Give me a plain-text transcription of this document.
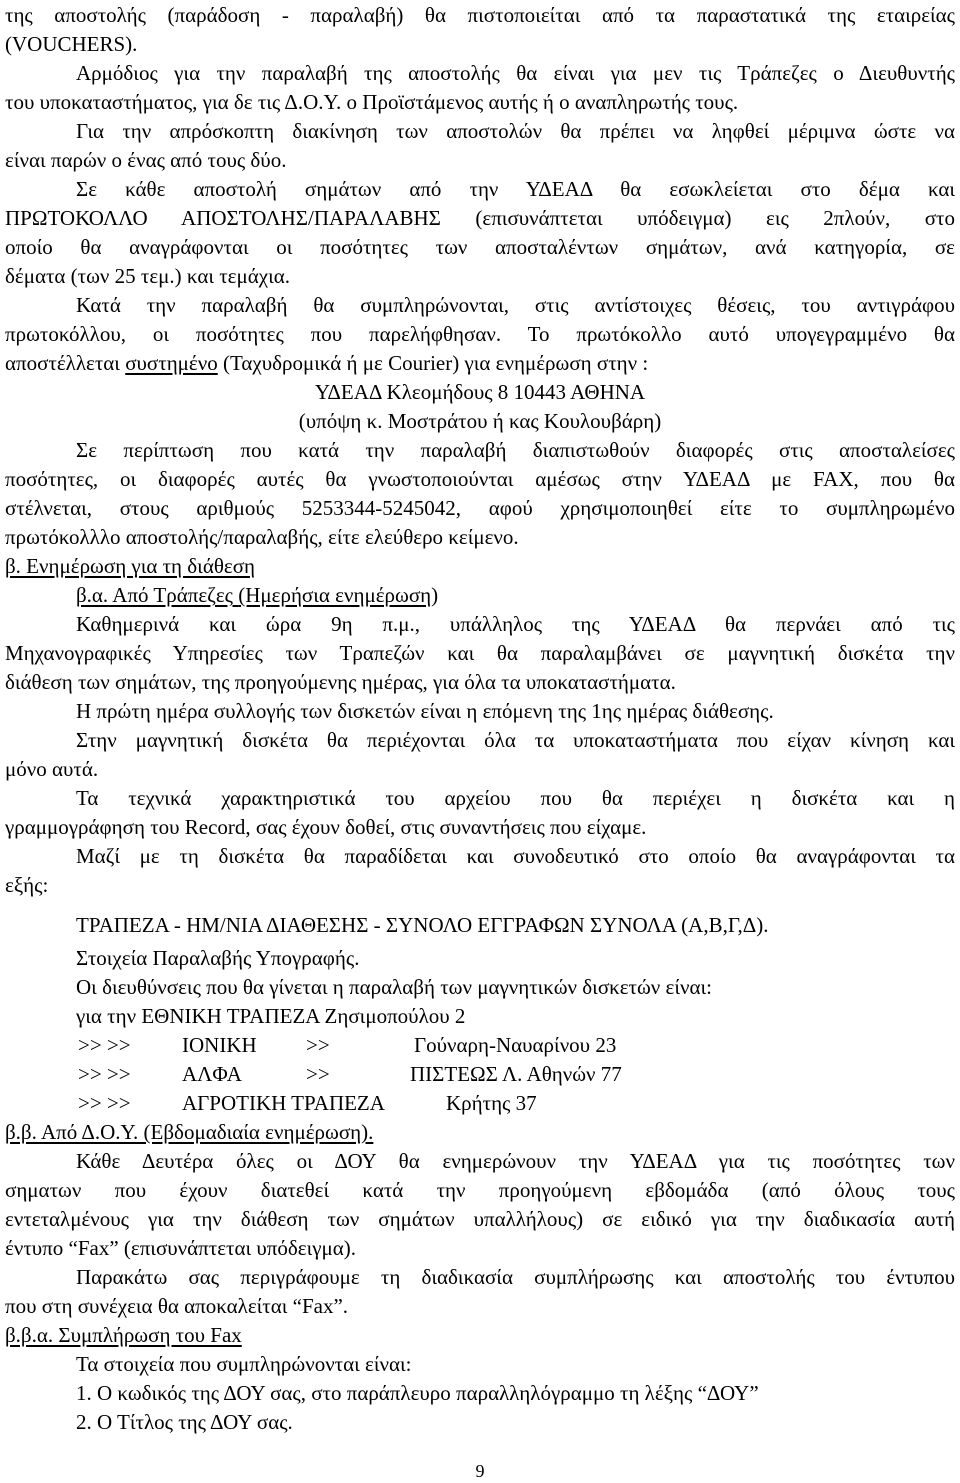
της αποστολής (παράδοση - παραλαβή) θα πιστοποιείται από τα παραστατικά της εταιρείας
(VOUCHERS).
Αρμόδιος για την παραλαβή της αποστολής θα είναι για μεν τις Τράπεζες ο Διευθυντής
του υποκαταστήματος, για δε τις Δ.Ο.Υ. ο Προϊστάμενος αυτής ή ο αναπληρωτής τους.
Για την απρόσκοπτη διακίνηση των αποστολών θα πρέπει να ληφθεί μέριμνα ώστε να
είναι παρών ο ένας από τους δύο.
Σε κάθε αποστολή σημάτων από την ΥΔΕΑΔ θα εσωκλείεται στο δέμα και
ΠΡΩΤΟΚΟΛΛΟ ΑΠΟΣΤΟΛΗΣ/ΠΑΡΑΛΑΒΗΣ (επισυνάπτεται υπόδειγμα) εις 2πλούν, στο
οποίο θα αναγράφονται οι ποσότητες των αποσταλέντων σημάτων, ανά κατηγορία, σε
δέματα (των 25 τεμ.) και τεμάχια.
Κατά την παραλαβή θα συμπληρώνονται, στις αντίστοιχες θέσεις, του αντιγράφου
πρωτοκόλλου, οι ποσότητες που παρελήφθησαν. Το πρωτόκολλο αυτό υπογεγραμμένο θα
αποστέλλεται συστημένο (Ταχυδρομικά ή με Courier) για ενημέρωση στην :
ΥΔΕΑΔ Κλεομήδους 8 10443 ΑΘΗΝΑ
(υπόψη κ. Μοστράτου ή κας Κουλουβάρη)
Σε περίπτωση που κατά την παραλαβή διαπιστωθούν διαφορές στις αποσταλείσες
ποσότητες, οι διαφορές αυτές θα γνωστοποιούνται αμέσως στην ΥΔΕΑΔ με FAX, που θα
στέλνεται, στους αριθμούς 5253344-5245042, αφού χρησιμοποιηθεί είτε το συμπληρωμένο
πρωτόκολλλο αποστολής/παραλαβής, είτε ελεύθερο κείμενο.
β. Ενημέρωση για τη διάθεση
β.α. Από Τράπεζες (Ημερήσια ενημέρωση)
Καθημερινά και ώρα 9η π.μ., υπάλληλος της ΥΔΕΑΔ θα περνάει από τις
Μηχανογραφικές Υπηρεσίες των Τραπεζών και θα παραλαμβάνει σε μαγνητική δισκέτα την
διάθεση των σημάτων, της προηγούμενης ημέρας, για όλα τα υποκαταστήματα.
Η πρώτη ημέρα συλλογής των δισκετών είναι η επόμενη της 1ης ημέρας διάθεσης.
Στην μαγνητική δισκέτα θα περιέχονται όλα τα υποκαταστήματα που είχαν κίνηση και
μόνο αυτά.
Τα τεχνικά χαρακτηριστικά του αρχείου που θα περιέχει η δισκέτα και η
γραμμογράφηση του Record, σας έχουν δοθεί, στις συναντήσεις που είχαμε.
Μαζί με τη δισκέτα θα παραδίδεται και συνοδευτικό στο οποίο θα αναγράφονται τα
εξής:
ΤΡΑΠΕΖΑ - ΗΜ/ΝΙΑ ΔΙΑΘΕΣΗΣ - ΣΥΝΟΛΟ ΕΓΓΡΑΦΩΝ ΣΥΝΟΛΑ (Α,Β,Γ,Δ).
Στοιχεία Παραλαβής Υπογραφής.
Οι διευθύνσεις που θα γίνεται η παραλαβή των μαγνητικών δισκετών είναι:
για την ΕΘΝΙΚΗ ΤΡΑΠΕΖΑ Ζησιμοπούλου 2
>> >> ΙΟΝΙΚΗ >>	Γούναρη-Ναυαρίνου 23
>> >> ΑΛΦΑ	>>	ΠΙΣΤΕΩΣ Λ. Αθηνών 77
>> >> ΑΓΡΟΤΙΚΗ ΤΡΑΠΕΖΑ	Κρήτης 37
β.β. Από Δ.Ο.Υ. (Εβδομαδιαία ενημέρωση).
Κάθε Δευτέρα όλες οι ΔΟΥ θα ενημερώνουν την ΥΔΕΑΔ για τις ποσότητες των
σηματων που έχουν διατεθεί κατά την προηγούμενη εβδομάδα (από όλους τους
εντεταλμένους για την διάθεση των σημάτων υπαλλήλους) σε ειδικό για την διαδικασία αυτή
έντυπο “Fax” (επισυνάπτεται υπόδειγμα).
Παρακάτω σας περιγράφουμε τη διαδικασία συμπλήρωσης και αποστολής του έντυπου
που στη συνέχεια θα αποκαλείται “Fax”.
β.β.α. Συμπλήρωση του Fax
Τα στοιχεία που συμπληρώνονται είναι:
1. Ο κωδικός της ΔΟΥ σας, στο παράπλευρο παραλληλόγραμμο τη λέξης “ΔΟΥ”
2. Ο Τίτλος της ΔΟΥ σας.
9
